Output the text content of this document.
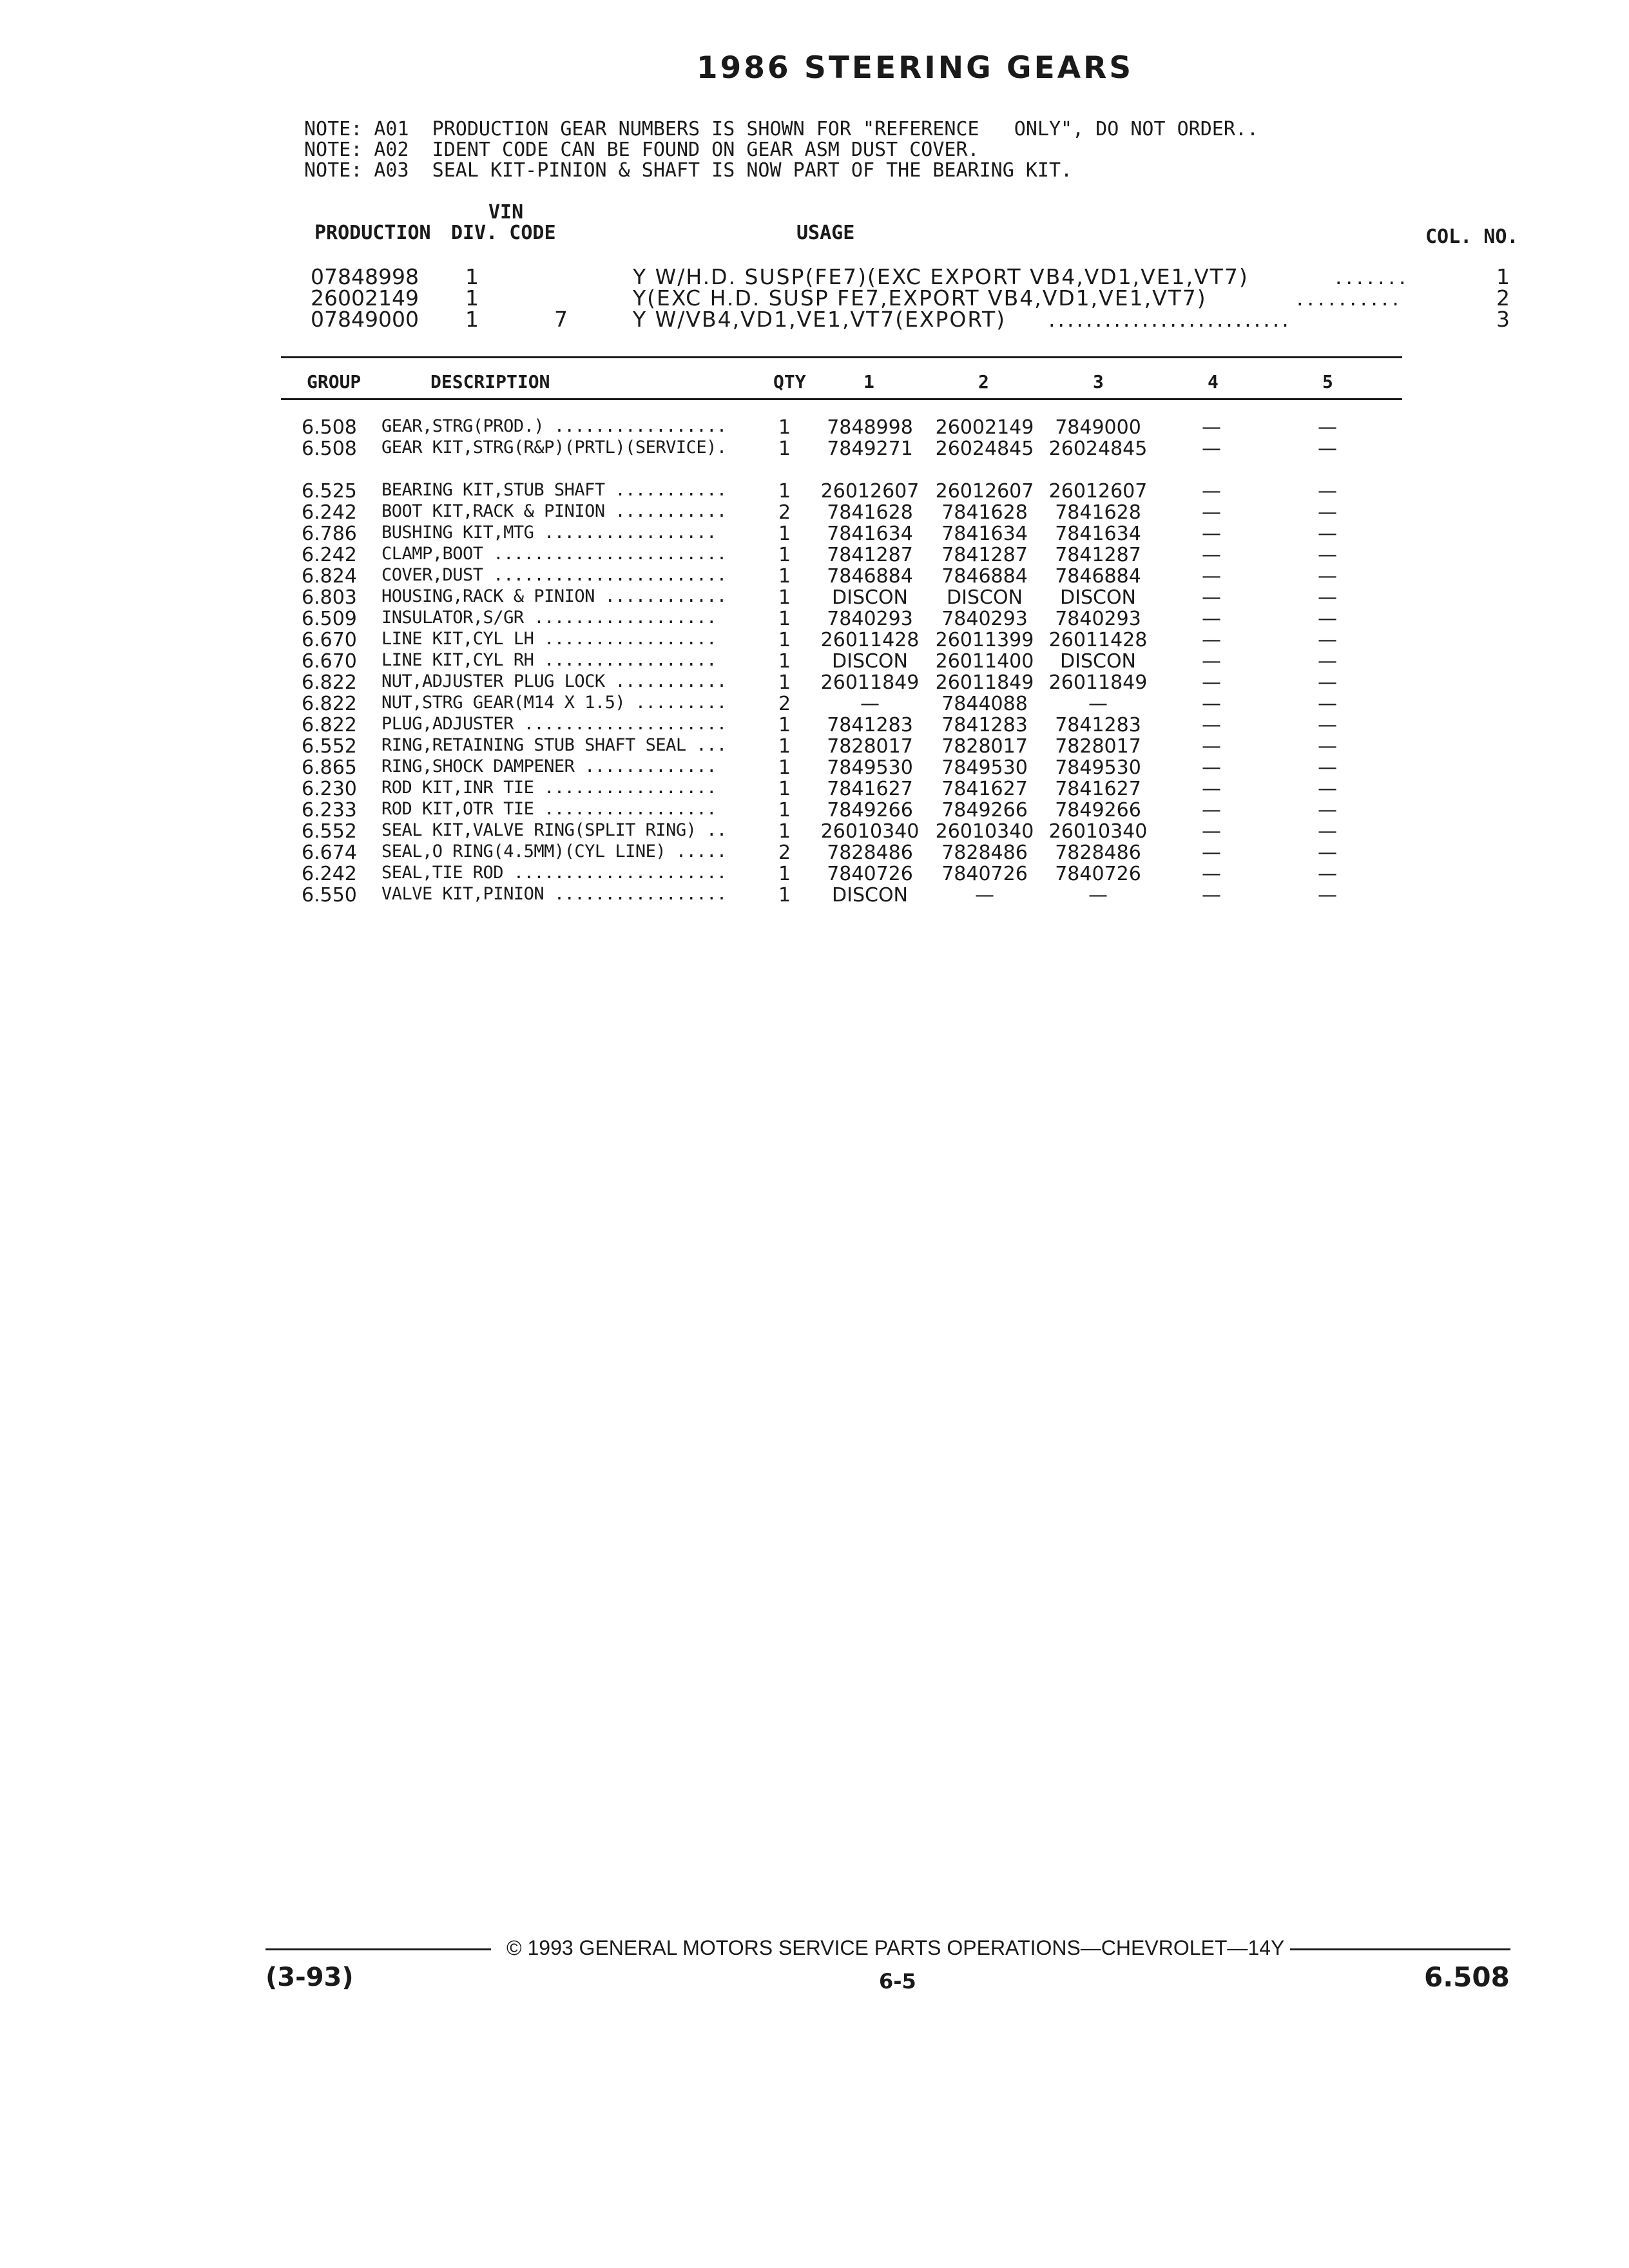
1986 STEERING GEARS
NOTE: A01  PRODUCTION GEAR NUMBERS IS SHOWN FOR "REFERENCE   ONLY", DO NOT ORDER..
NOTE: A02  IDENT CODE CAN BE FOUND ON GEAR ASM DUST COVER.
NOTE: A03  SEAL KIT-PINION & SHAFT IS NOW PART OF THE BEARING KIT.
VIN
PRODUCTION DIV. CODE	USAGE	COL. NO.
07848998 1	Y W/H.D. SUSP(FE7)(EXC EXPORT VB4,VD1,VE1,VT7)	.......	1
26002149 1	Y(EXC H.D. SUSP FE7,EXPORT VB4,VD1,VE1,VT7)	..........	2
07849000 1	7	Y W/VB4,VD1,VE1,VT7(EXPORT) ..........................	3
GROUP	DESCRIPTION	QTY	1	2	3	4	5
6.508 GEAR,STRG(PROD.) .................	1	7848998	26002149	7849000	—	—
6.508 GEAR KIT,STRG(R&P)(PRTL)(SERVICE).	1	7849271	26024845 26024845	—	—
6.525 BEARING KIT,STUB SHAFT ...........	1	26012607 26012607 26012607	—	—
6.242 BOOT KIT,RACK & PINION ...........	2	7841628	7841628	7841628	—	—
6.786 BUSHING KIT,MTG .................	1	7841634	7841634	7841634	—	—
6.242 CLAMP,BOOT .......................	1	7841287	7841287	7841287	—	—
6.824 COVER,DUST .......................	1	7846884	7846884	7846884	—	—
6.803 HOUSING,RACK & PINION ............	1	DISCON	DISCON	DISCON	—	—
6.509 INSULATOR,S/GR ..................	1	7840293	7840293	7840293	—	—
6.670 LINE KIT,CYL LH .................	1	26011428 26011399 26011428	—	—
6.670 LINE KIT,CYL RH .................	1	DISCON	26011400	DISCON	—	—
6.822 NUT,ADJUSTER PLUG LOCK ...........	1	26011849 26011849 26011849	—	—
6.822 NUT,STRG GEAR(M14 X 1.5) .........	2	—	7844088	—	—	—
6.822 PLUG,ADJUSTER ....................	1	7841283	7841283	7841283	—	—
6.552 RING,RETAINING STUB SHAFT SEAL ...	1	7828017	7828017	7828017	—	—
6.865 RING,SHOCK DAMPENER .............	1	7849530	7849530	7849530	—	—
6.230 ROD KIT,INR TIE .................	1	7841627	7841627	7841627	—	—
6.233 ROD KIT,OTR TIE .................	1	7849266	7849266	7849266	—	—
6.552 SEAL KIT,VALVE RING(SPLIT RING) ..	1	26010340 26010340 26010340	—	—
6.674 SEAL,O RING(4.5MM)(CYL LINE) .....	2	7828486	7828486	7828486	—	—
6.242 SEAL,TIE ROD .....................	1	7840726	7840726	7840726	—	—
6.550 VALVE KIT,PINION .................	1	DISCON	—	—	—	—
© 1993 GENERAL MOTORS SERVICE PARTS OPERATIONS—CHEVROLET—14Y
(3-93)	6-5	6.508
